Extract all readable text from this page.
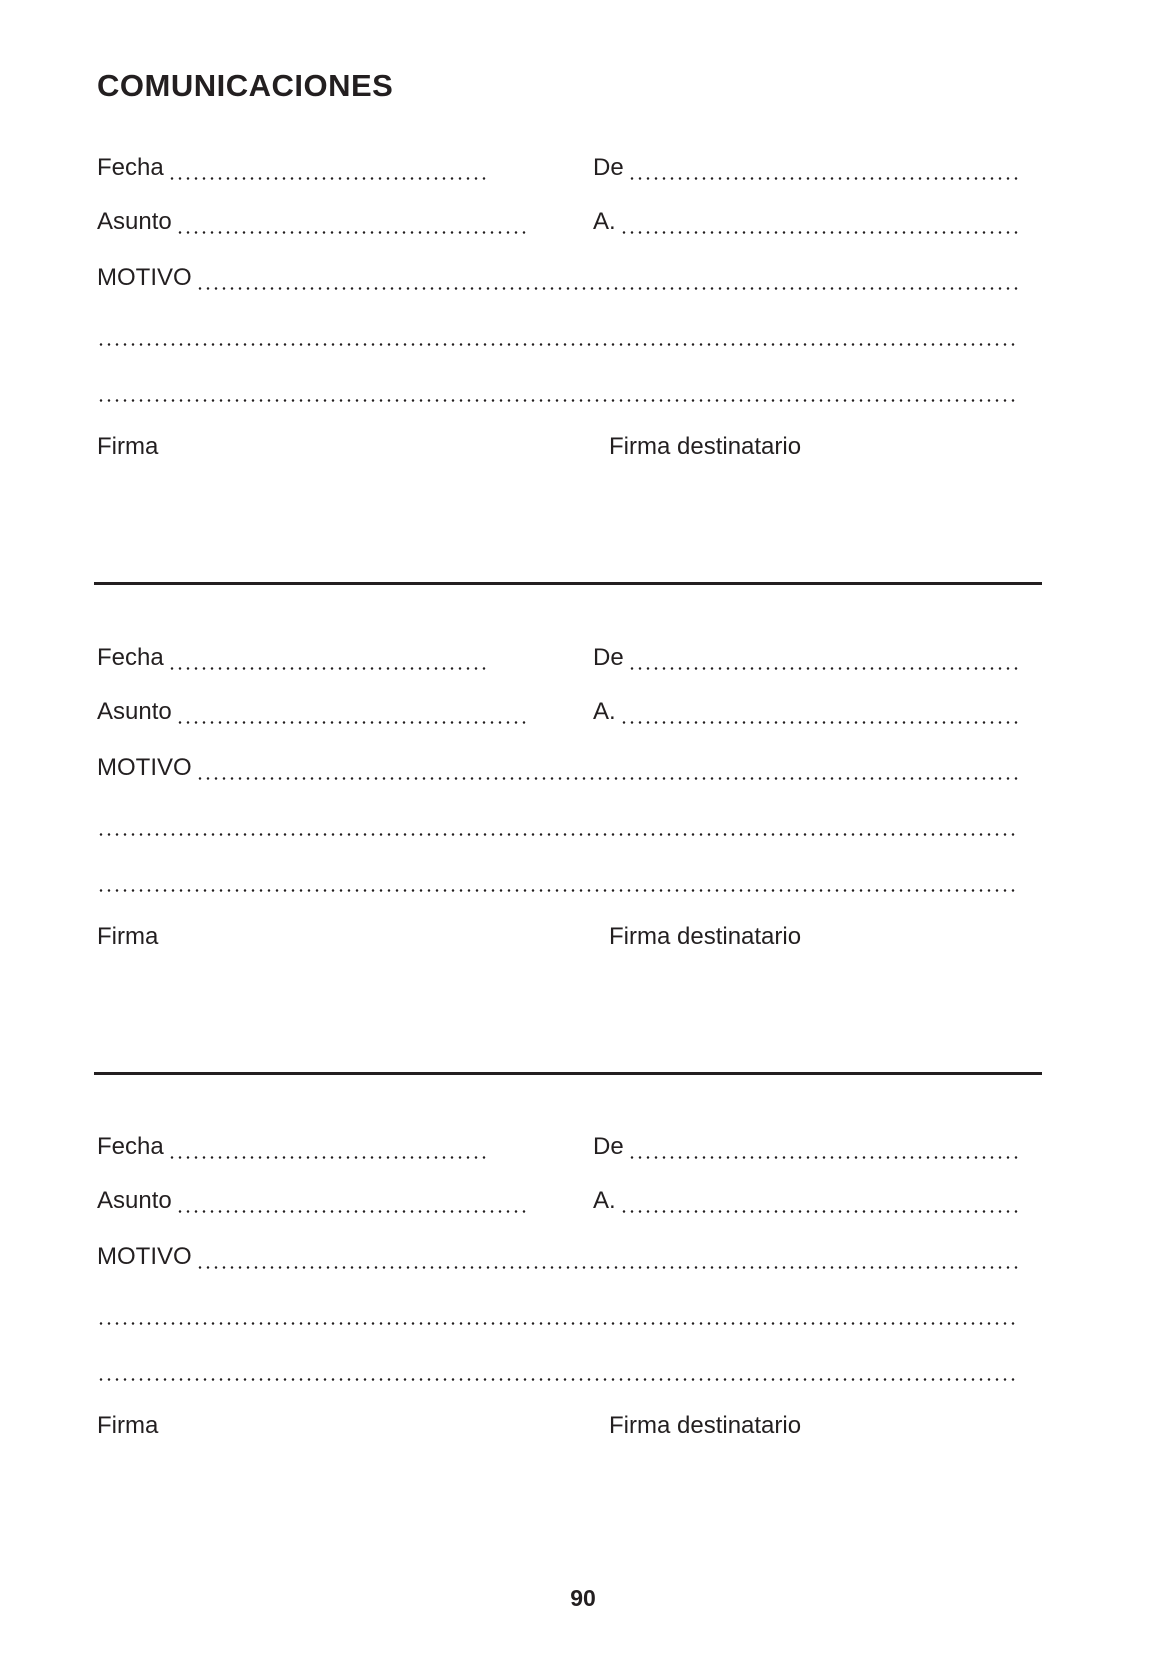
COMUNICACIONES
Fecha	De
Asunto	A.
MOTIVO
Firma	Firma destinatario
Fecha	De
Asunto	A.
MOTIVO
Firma	Firma destinatario
Fecha	De
Asunto	A.
MOTIVO
Firma	Firma destinatario
90
